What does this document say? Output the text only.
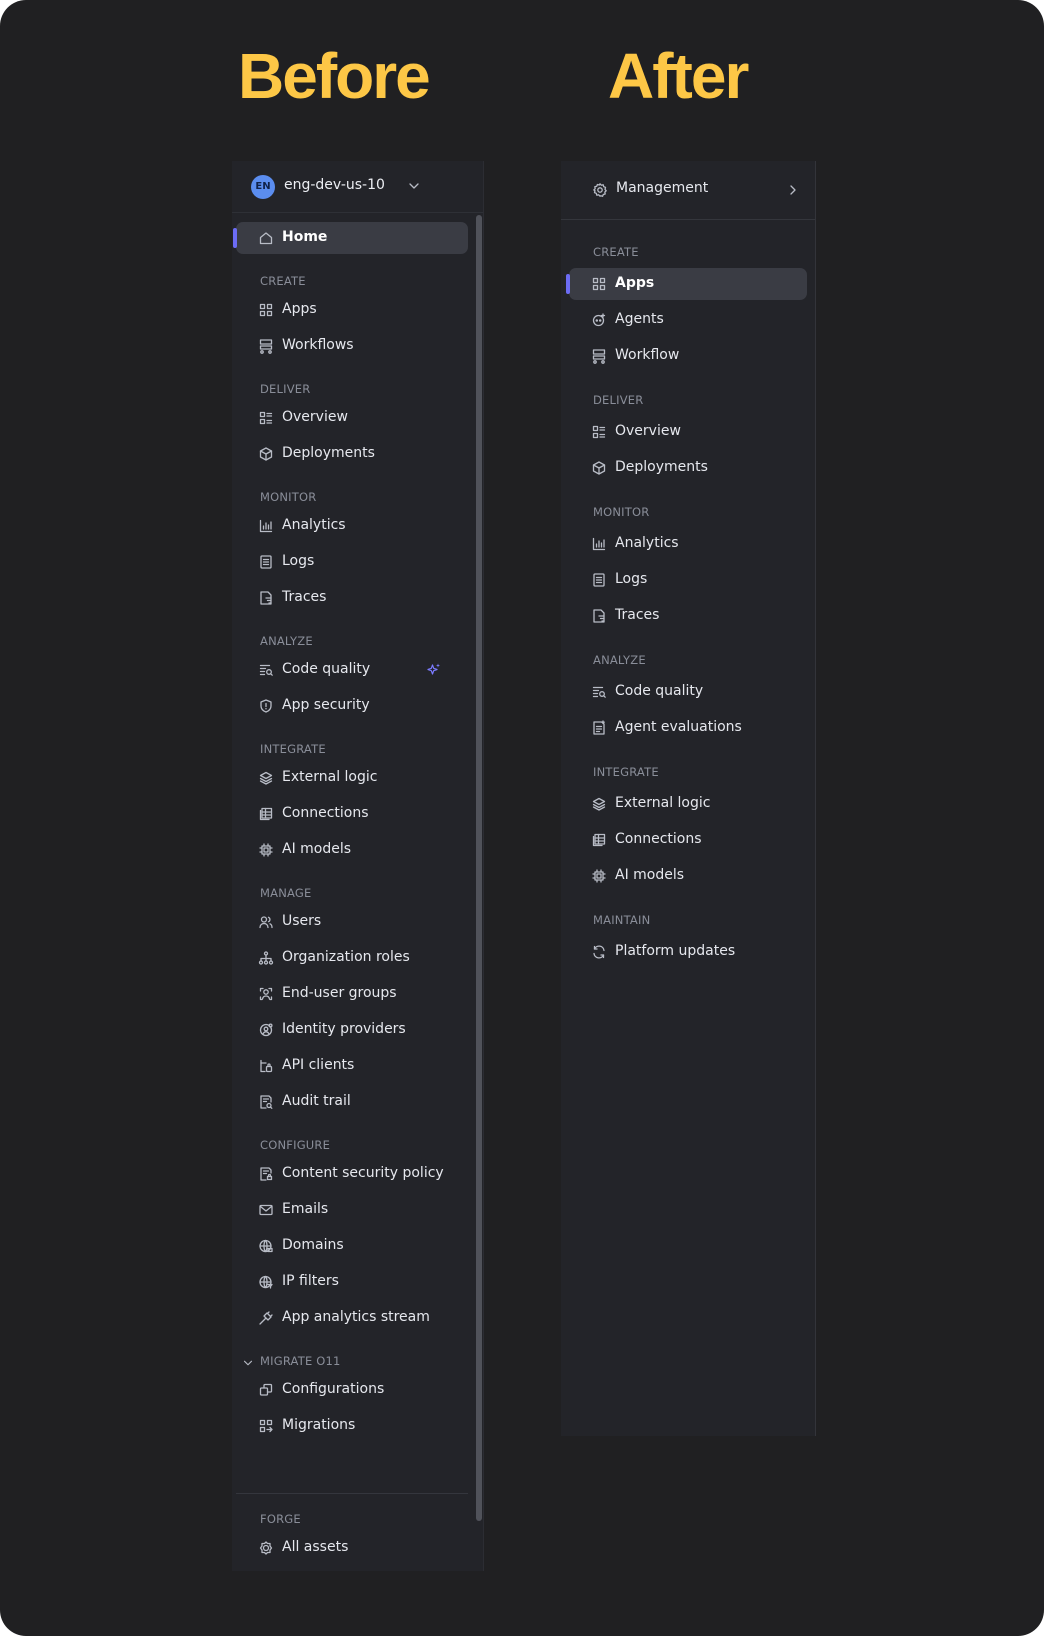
Before	After
EN eng-dev-us-10
Home
CREATE
Apps
Workflows
DELIVER
Overview
Deployments
MONITOR
Analytics
Logs
Traces
ANALYZE
Code quality
App security
INTEGRATE
External logic
Connections
AI models
MANAGE
Users
Organization roles
End-user groups
Identity providers
API clients
Audit trail
CONFIGURE
Content security policy
Emails
Domains
IP filters
App analytics stream
MIGRATE O11
Configurations
Migrations
FORGE
All assets
Management
CREATE
Apps
Agents
Workflow
DELIVER
Overview
Deployments
MONITOR
Analytics
Logs
Traces
ANALYZE
Code quality
Agent evaluations
INTEGRATE
External logic
Connections
AI models
MAINTAIN
Platform updates
